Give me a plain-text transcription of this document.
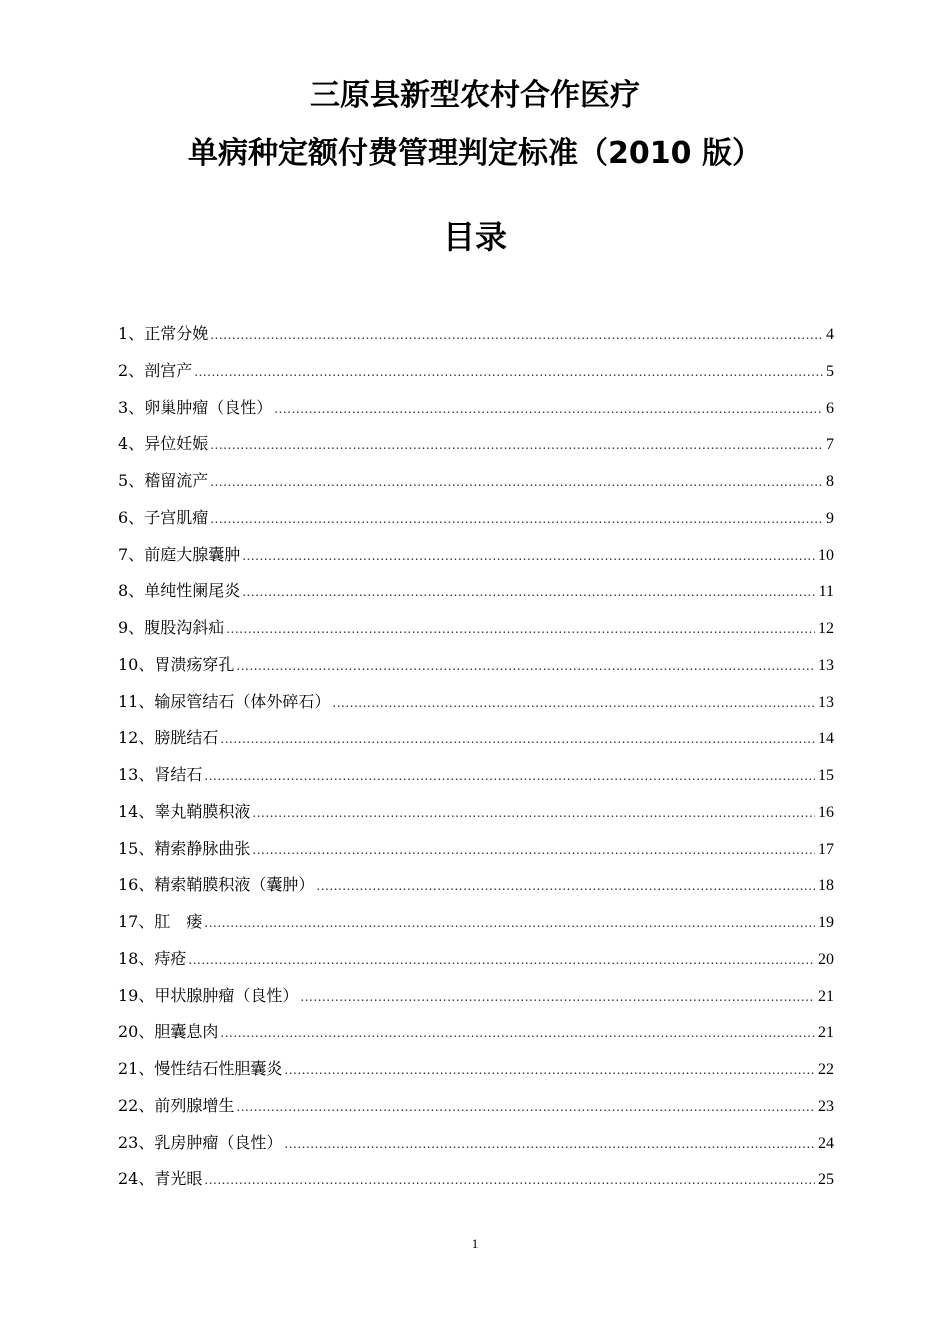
三原县新型农村合作医疗
单病种定额付费管理判定标准（2010 版）
目录
1、 正常分娩 .....	4
2、 剖宫产 .....	5
3、 卵巢肿瘤（良性） .....	6
4、 异位妊娠 .....	7
5、 稽留流产 .....	8
6、 子宫肌瘤 .....	9
7、 前庭大腺囊肿 .....	10
8、 单纯性阑尾炎 .....	11
9、 腹股沟斜疝 .....	12
10、 胃溃疡穿孔 .....	13
11、 输尿管结石（体外碎石） .....	13
12、 膀胱结石 .....	14
13、 肾结石 .....	15
14、 睾丸鞘膜积液 .....	16
15、 精索静脉曲张 .....	17
16、 精索鞘膜积液（囊肿） .....	18
17、 肛　瘘 .....	19
18、 痔疮 .....	20
19、 甲状腺肿瘤（良性） .....	21
20、 胆囊息肉 .....	21
21、 慢性结石性胆囊炎 .....	22
22、 前列腺增生 .....	23
23、 乳房肿瘤（良性） .....	24
24、 青光眼 .....	25
1
